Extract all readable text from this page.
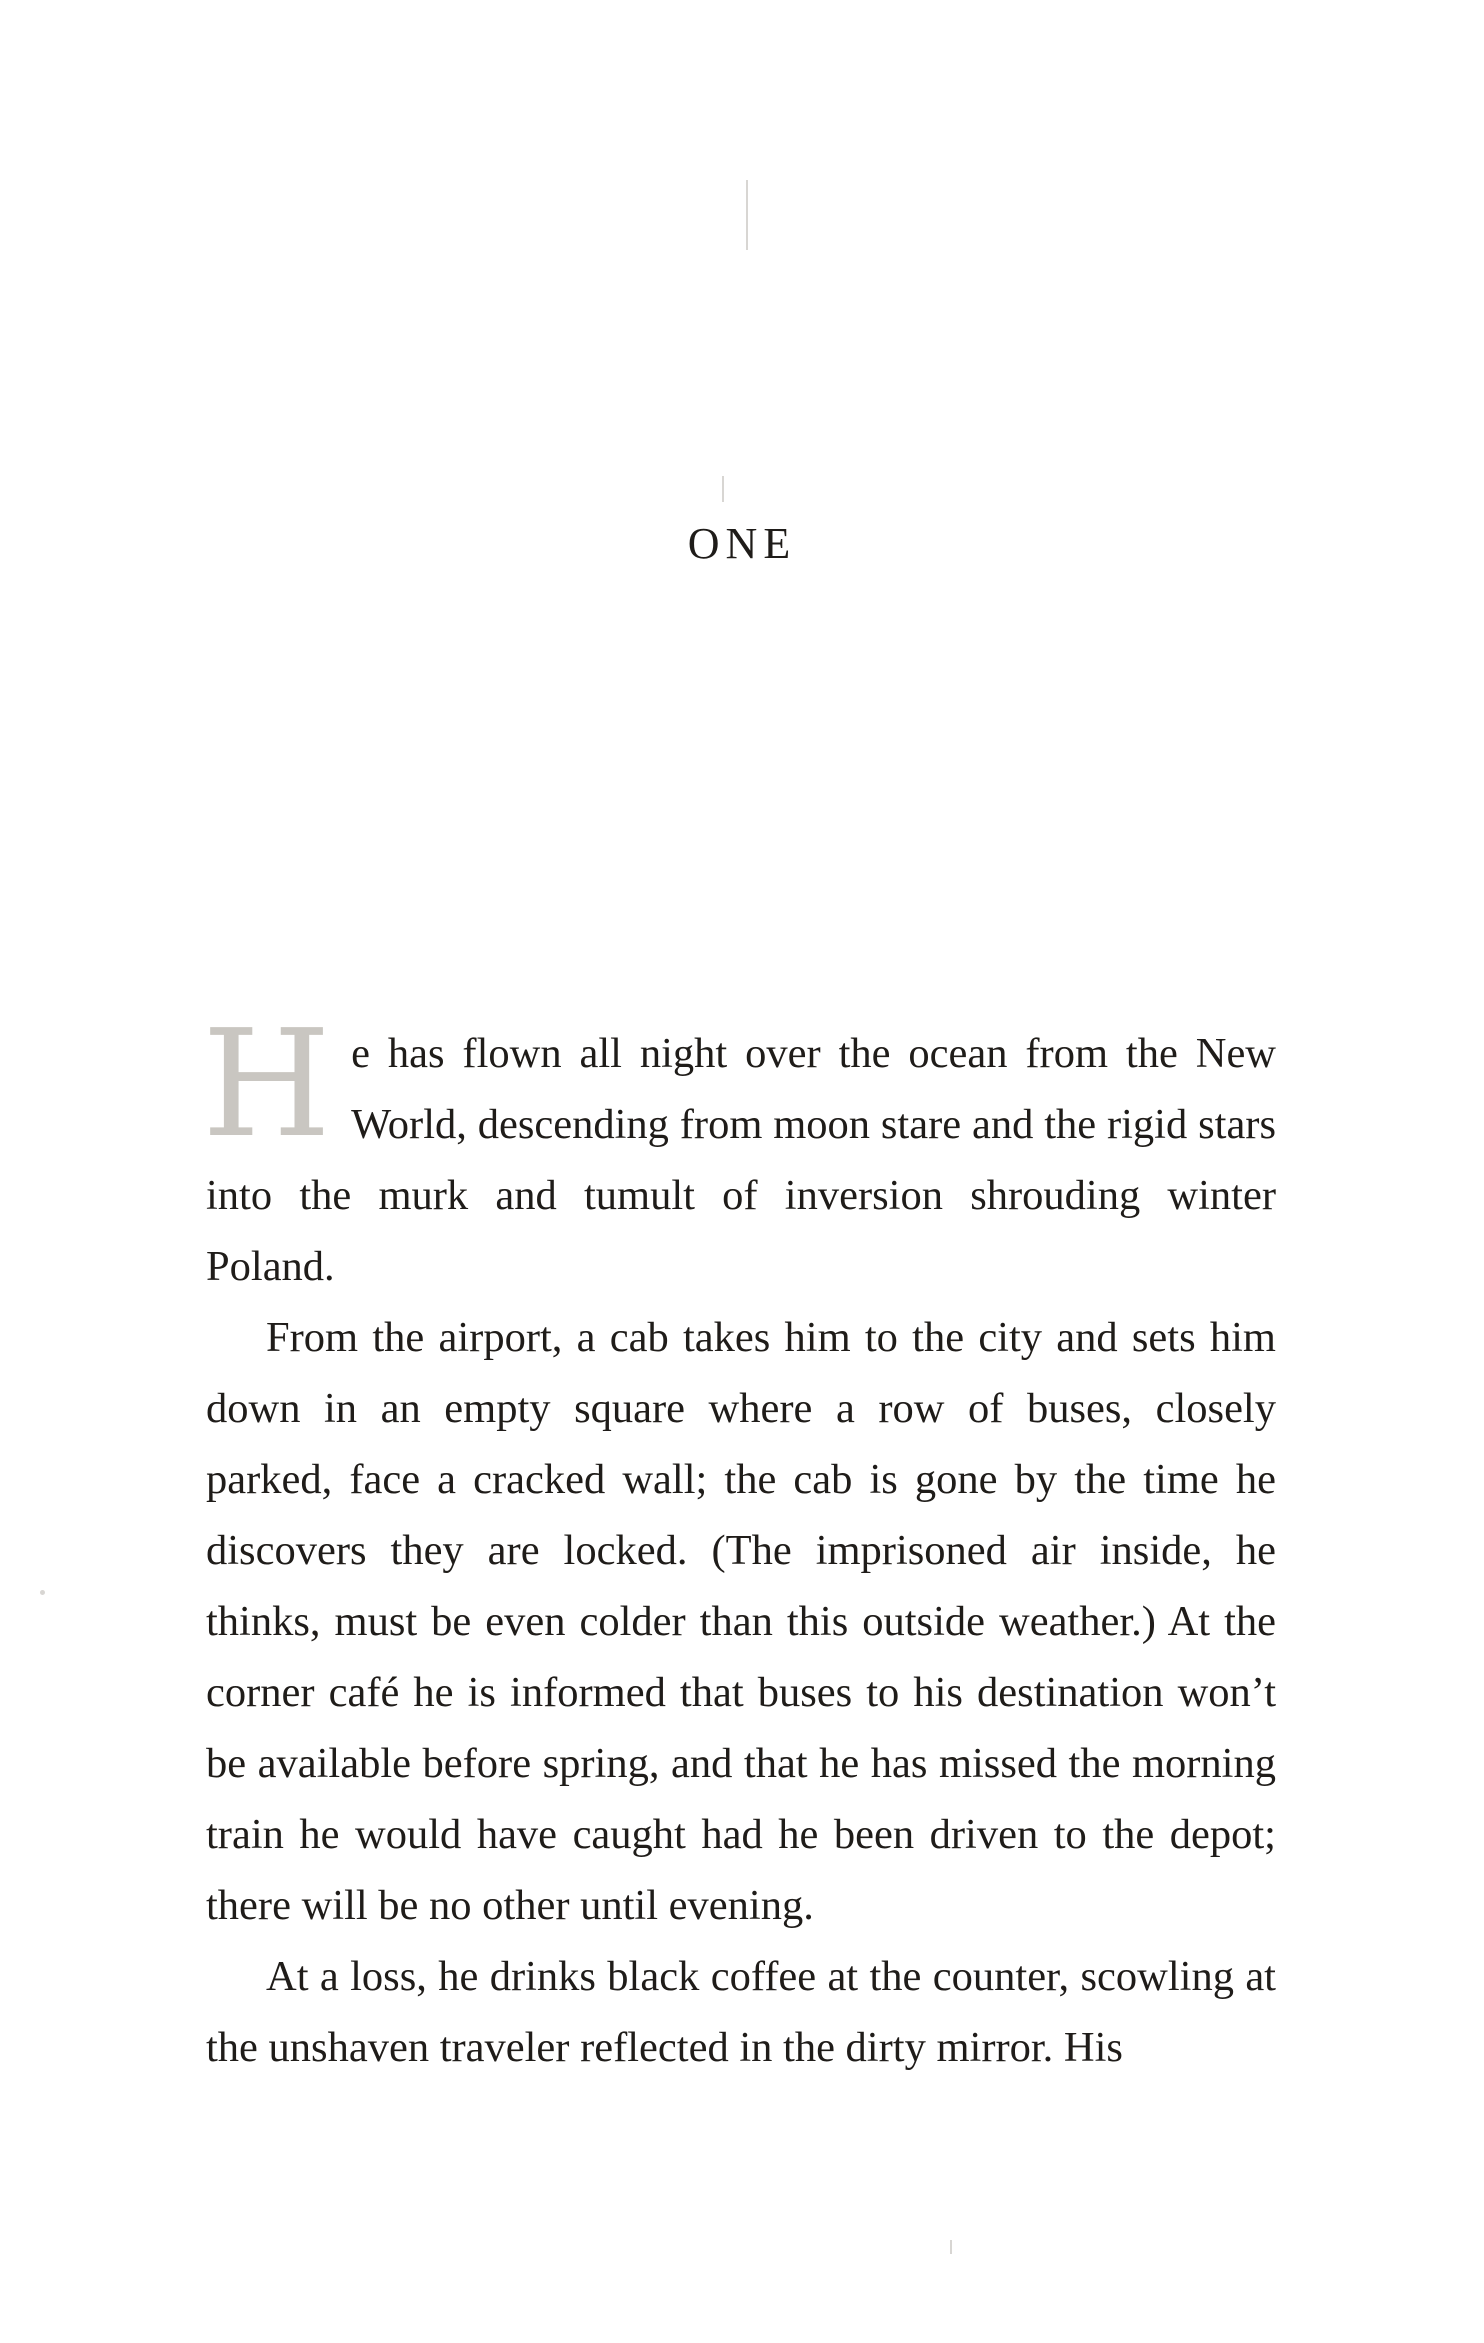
ONE

He has flown all night over the ocean from the New World, descending from moon stare and the rigid stars into the murk and tumult of inversion shrouding winter Poland.

From the airport, a cab takes him to the city and sets him down in an empty square where a row of buses, closely parked, face a cracked wall; the cab is gone by the time he discovers they are locked. (The imprisoned air inside, he thinks, must be even colder than this outside weather.) At the corner café he is informed that buses to his destination won’t be available before spring, and that he has missed the morning train he would have caught had he been driven to the depot; there will be no other until evening.

At a loss, he drinks black coffee at the counter, scowling at the unshaven traveler reflected in the dirty mirror. His
